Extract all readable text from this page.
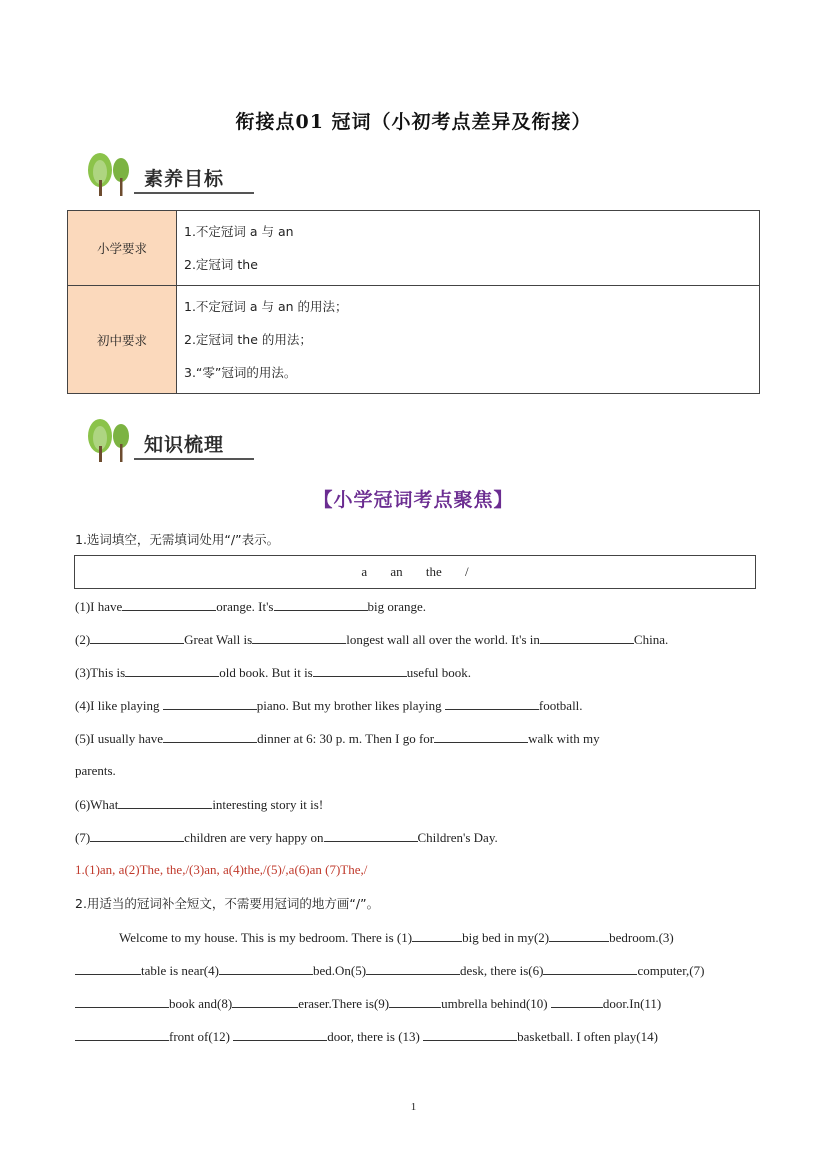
衔接点01 冠词（小初考点差异及衔接）
素养目标
小学要求	1.不定冠词 a 与 an
2.定冠词 the

初中要求	1.不定冠词 a 与 an 的用法；
2.定冠词 the 的用法；
3.“零”冠词的用法。
知识梳理
【小学冠词考点聚焦】
1.选词填空，无需填词处用“/”表示。
a an the /
(1)I have	orange. It's	big orange.
(2)	Great Wall is	longest wall all over the world. It's in	China.
(3)This is	old book. But it is	useful book.
(4)I like playing	piano. But my brother likes playing	football.
(5)I usually have	dinner at 6: 30 p. m. Then I go for	walk with my
parents.
(6)What	interesting story it is!
(7)	children are very happy on	Children's Day.
1.(1)an, a(2)The, the,/(3)an, a(4)the,/(5)/,a(6)an (7)The,/
2.用适当的冠词补全短文，不需要用冠词的地方画“/”。
Welcome to my house. This is my bedroom. There is (1)	big bed in my(2)	bedroom.(3)
table is near(4)	bed.On(5)	desk, there is(6)	computer,(7)
book and(8)	eraser.There is(9)	umbrella behind(10)	door.In(11)
front of(12)	door, there is (13)	basketball. I often play(14)
1
